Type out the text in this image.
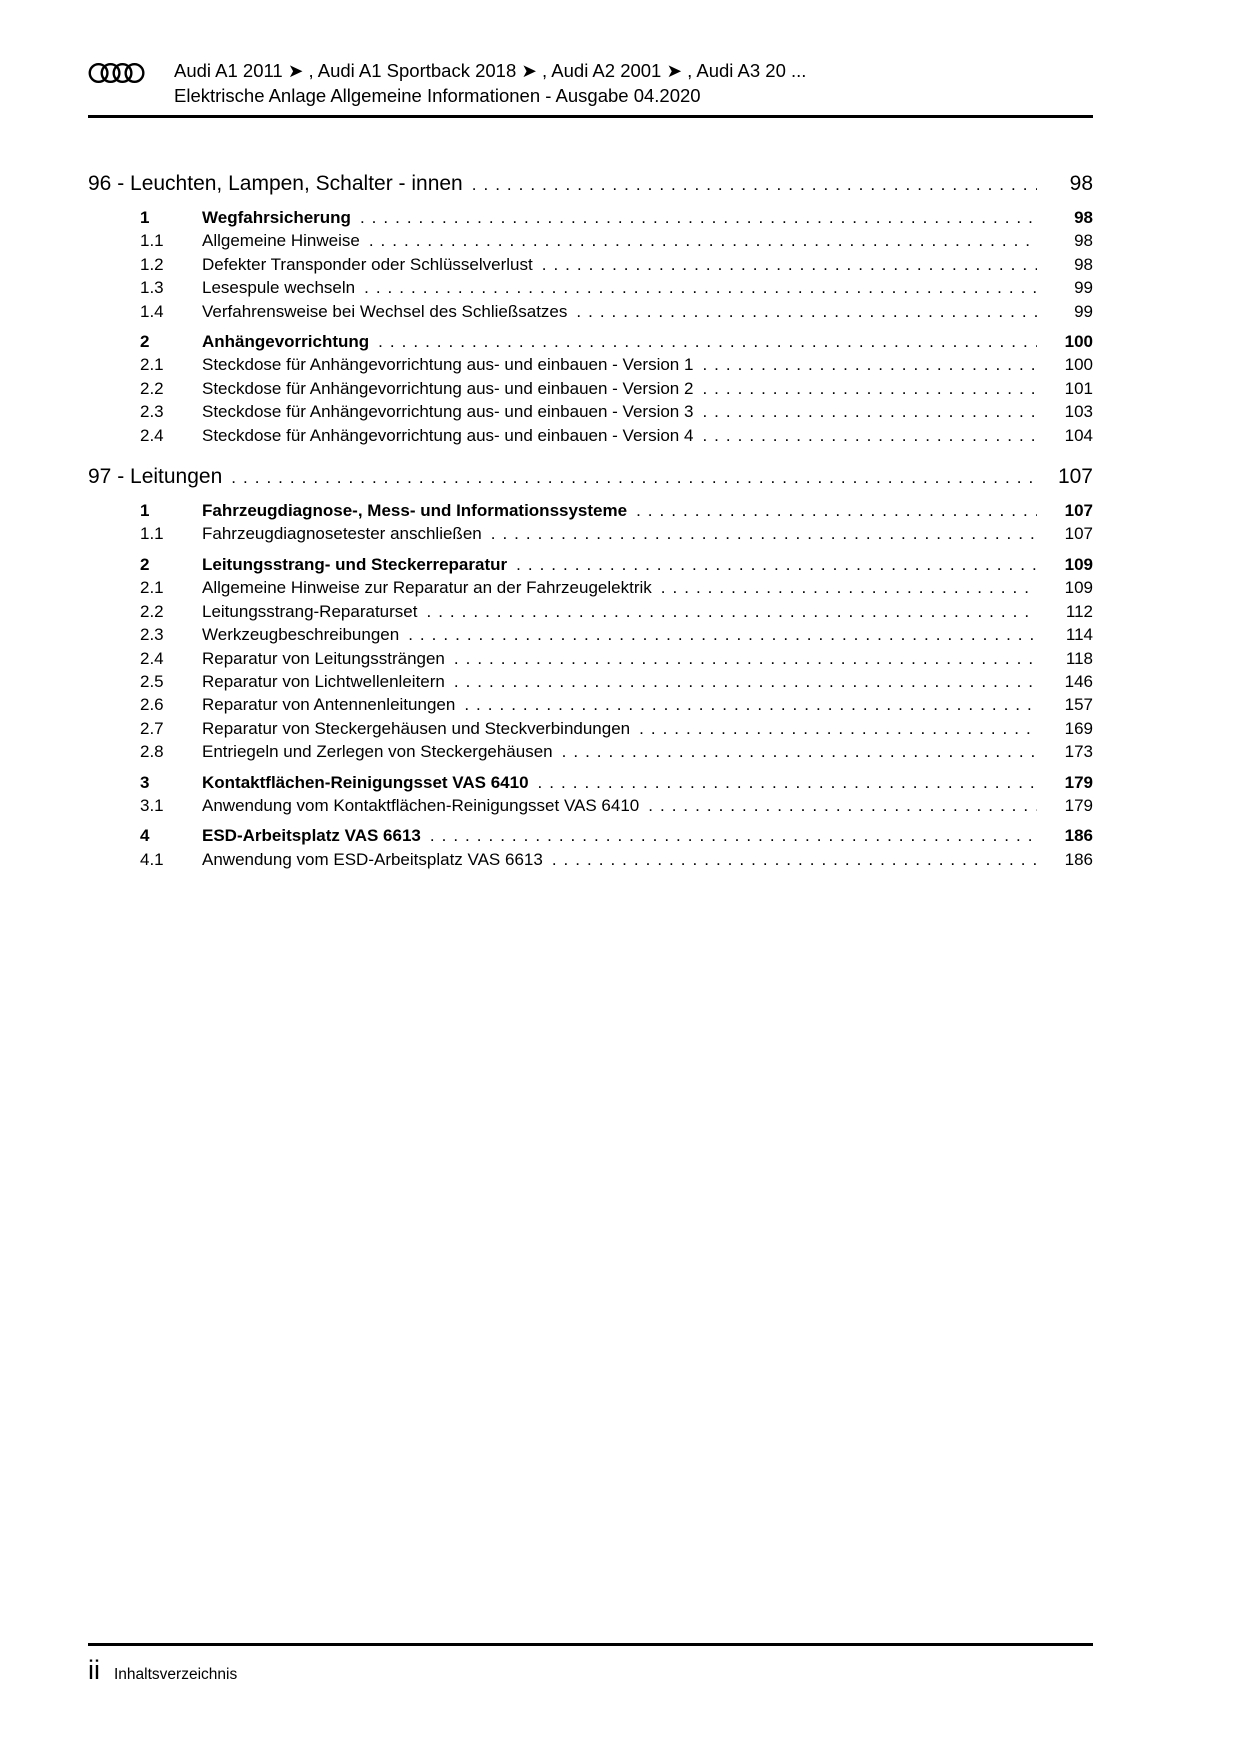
Audi A1 2011 ➤ , Audi A1 Sportback 2018 ➤ , Audi A2 2001 ➤ , Audi A3 20 ...
Elektrische Anlage Allgemeine Informationen - Ausgabe 04.2020
96 - Leuchten, Lampen, Schalter - innen .....	98
1	Wegfahrsicherung .....	98
1.1	Allgemeine Hinweise .....	98
1.2	Defekter Transponder oder Schlüsselverlust .....	98
1.3	Lesespule wechseln .....	99
1.4	Verfahrensweise bei Wechsel des Schließsatzes .....	99
2	Anhängevorrichtung .....	100
2.1	Steckdose für Anhängevorrichtung aus- und einbauen - Version 1 .....	100
2.2	Steckdose für Anhängevorrichtung aus- und einbauen - Version 2 .....	101
2.3	Steckdose für Anhängevorrichtung aus- und einbauen - Version 3 .....	103
2.4	Steckdose für Anhängevorrichtung aus- und einbauen - Version 4 .....	104
97 - Leitungen .....	107
1	Fahrzeugdiagnose-, Mess- und Informationssysteme .....	107
1.1	Fahrzeugdiagnosetester anschließen .....	107
2	Leitungsstrang- und Steckerreparatur .....	109
2.1	Allgemeine Hinweise zur Reparatur an der Fahrzeugelektrik .....	109
2.2	Leitungsstrang-Reparaturset .....	112
2.3	Werkzeugbeschreibungen .....	114
2.4	Reparatur von Leitungssträngen .....	118
2.5	Reparatur von Lichtwellenleitern .....	146
2.6	Reparatur von Antennenleitungen .....	157
2.7	Reparatur von Steckergehäusen und Steckverbindungen .....	169
2.8	Entriegeln und Zerlegen von Steckergehäusen .....	173
3	Kontaktflächen-Reinigungsset VAS 6410 .....	179
3.1	Anwendung vom Kontaktflächen-Reinigungsset VAS 6410 .....	179
4	ESD-Arbeitsplatz VAS 6613 .....	186
4.1	Anwendung vom ESD-Arbeitsplatz VAS 6613 .....	186
ii Inhaltsverzeichnis
